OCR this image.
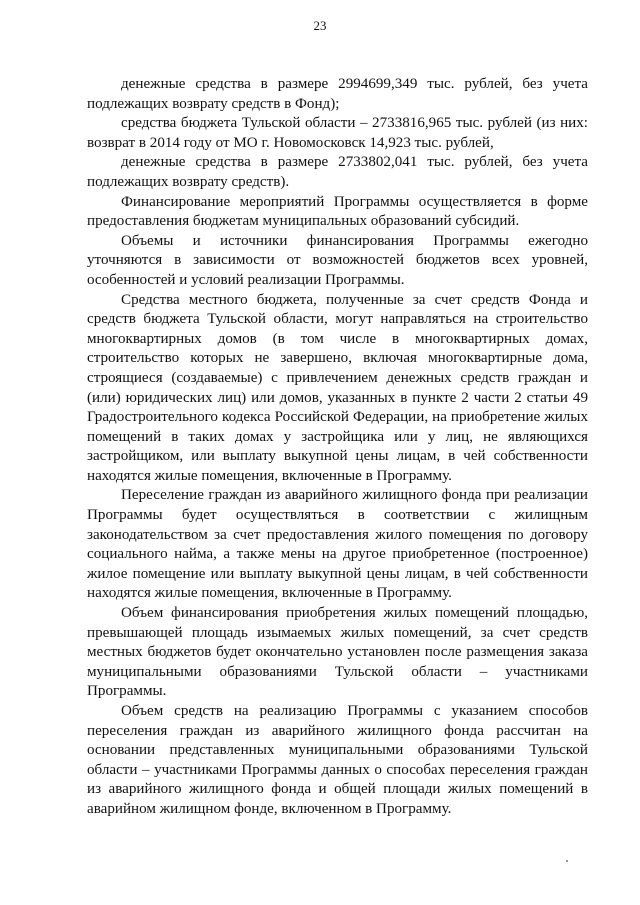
23

денежные средства в размере 2994699,349 тыс. рублей, без учета подлежащих возврату средств в Фонд);

средства бюджета Тульской области – 2733816,965 тыс. рублей (из них: возврат в 2014 году от МО г. Новомосковск 14,923 тыс. рублей,

денежные средства в размере 2733802,041 тыс. рублей, без учета подлежащих возврату средств).

Финансирование мероприятий Программы осуществляется в форме предоставления бюджетам муниципальных образований субсидий.

Объемы и источники финансирования Программы ежегодно уточняются в зависимости от возможностей бюджетов всех уровней, особенностей и условий реализации Программы.

Средства местного бюджета, полученные за счет средств Фонда и средств бюджета Тульской области, могут направляться на строительство многоквартирных домов (в том числе в многоквартирных домах, строительство которых не завершено, включая многоквартирные дома, строящиеся (создаваемые) с привлечением денежных средств граждан и (или) юридических лиц) или домов, указанных в пункте 2 части 2 статьи 49 Градостроительного кодекса Российской Федерации, на приобретение жилых помещений в таких домах у застройщика или у лиц, не являющихся застройщиком, или выплату выкупной цены лицам, в чей собственности находятся жилые помещения, включенные в Программу.

Переселение граждан из аварийного жилищного фонда при реализации Программы будет осуществляться в соответствии с жилищным законодательством за счет предоставления жилого помещения по договору социального найма, а также мены на другое приобретенное (построенное) жилое помещение или выплату выкупной цены лицам, в чей собственности находятся жилые помещения, включенные в Программу.

Объем финансирования приобретения жилых помещений площадью, превышающей площадь изымаемых жилых помещений, за счет средств местных бюджетов будет окончательно установлен после размещения заказа муниципальными образованиями Тульской области – участниками Программы.

Объем средств на реализацию Программы с указанием способов переселения граждан из аварийного жилищного фонда рассчитан на основании представленных муниципальными образованиями Тульской области – участниками Программы данных о способах переселения граждан из аварийного жилищного фонда и общей площади жилых помещений в аварийном жилищном фонде, включенном в Программу.
